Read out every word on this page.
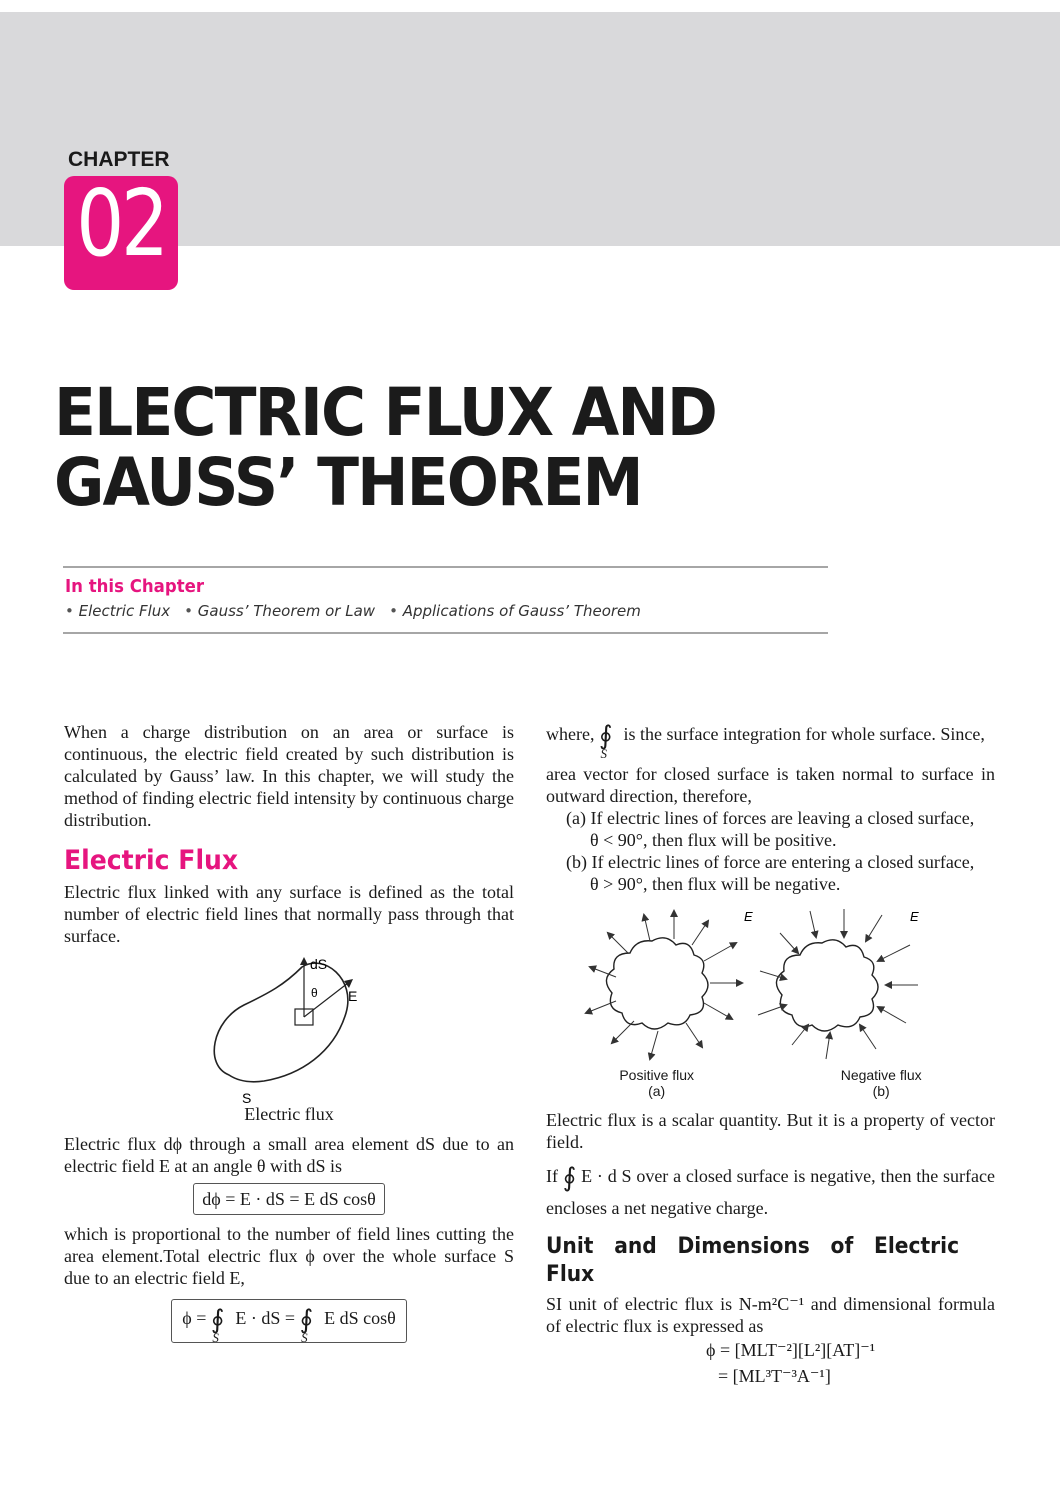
CHAPTER
02
ELECTRIC FLUX AND
GAUSS’ THEOREM
In this Chapter
• Electric Flux	• Gauss’ Theorem or Law	• Applications of Gauss’ Theorem

When a charge distribution on an area or surface is continuous, the electric field created by such distribution is calculated by Gauss’ law. In this chapter, we will study the method of finding electric field intensity by continuous charge distribution.

Electric Flux

Electric flux linked with any surface is defined as the total number of electric field lines that normally pass through that surface.

dS
θ E
S
Electric flux

Electric flux dϕ through a small area element dS due to an electric field E at an angle θ with dS is

dϕ = E · dS = E dS cosθ

which is proportional to the number of field lines cutting the area element.Total electric flux ϕ over the whole surface S due to an electric field E,

$\phi = ∮_S$ E · dS = $∮_S$ E dS cosθ

where, $∮_S$ is the surface integration for whole surface. Since,

area vector for closed surface is taken normal to surface in outward direction, therefore,

(a) If electric lines of forces are leaving a closed surface,
θ < 90°, then flux will be positive.

(b) If electric lines of force are entering a closed surface,
θ > 90°, then flux will be negative.

E	E
Positive flux
(a)
Negative flux
(b)

Electric flux is a scalar quantity. But it is a property of vector field.

If ∮ E · d S over a closed surface is negative, then the surface encloses a net negative charge.

Unit and Dimensions of Electric Flux

SI unit of electric flux is N-m²C⁻¹ and dimensional formula of electric flux is expressed as

ϕ = [MLT⁻²][L²][AT]⁻¹
= [ML³T⁻³A⁻¹]
